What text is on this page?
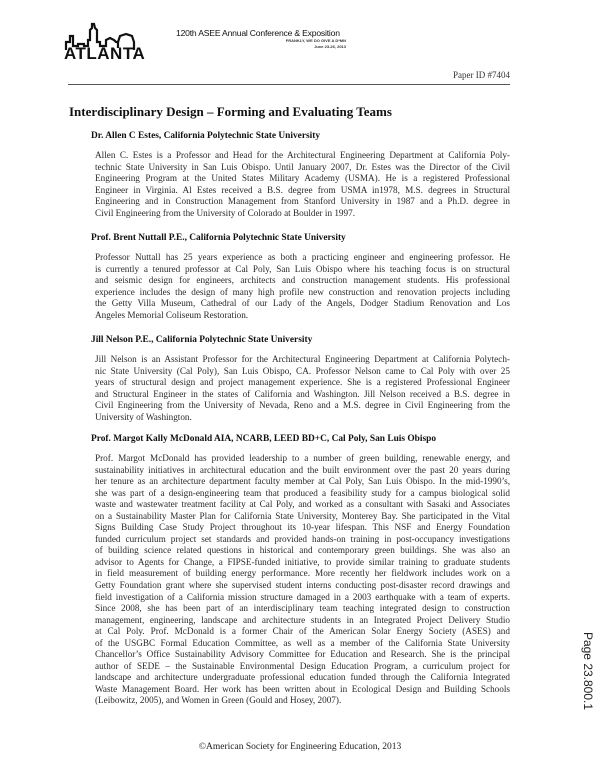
ATLANTA
120th ASEE Annual Conference & Exposition
FRANKLY, WE DO GIVE A D*MN
June 23-26, 2013
Paper ID #7404
Interdisciplinary Design – Forming and Evaluating Teams
Dr. Allen C Estes, California Polytechnic State University
Allen C. Estes is a Professor and Head for the Architectural Engineering Department at California Poly-
technic State University in San Luis Obispo. Until January 2007, Dr. Estes was the Director of the Civil
Engineering Program at the United States Military Academy (USMA). He is a registered Professional
Engineer in Virginia. Al Estes received a B.S. degree from USMA in1978, M.S. degrees in Structural
Engineering and in Construction Management from Stanford University in 1987 and a Ph.D. degree in
Civil Engineering from the University of Colorado at Boulder in 1997.
Prof. Brent Nuttall P.E., California Polytechnic State University
Professor Nuttall has 25 years experience as both a practicing engineer and engineering professor. He
is currently a tenured professor at Cal Poly, San Luis Obispo where his teaching focus is on structural
and seismic design for engineers, architects and construction management students. His professional
experience includes the design of many high profile new construction and renovation projects including
the Getty Villa Museum, Cathedral of our Lady of the Angels, Dodger Stadium Renovation and Los
Angeles Memorial Coliseum Restoration.
Jill Nelson P.E., California Polytechnic State University
Jill Nelson is an Assistant Professor for the Architectural Engineering Department at California Polytech-
nic State University (Cal Poly), San Luis Obispo, CA. Professor Nelson came to Cal Poly with over 25
years of structural design and project management experience. She is a registered Professional Engineer
and Structural Engineer in the states of California and Washington. Jill Nelson received a B.S. degree in
Civil Engineering from the University of Nevada, Reno and a M.S. degree in Civil Engineering from the
University of Washington.
Prof. Margot Kally McDonald AIA, NCARB, LEED BD+C, Cal Poly, San Luis Obispo
Prof. Margot McDonald has provided leadership to a number of green building, renewable energy, and
sustainability initiatives in architectural education and the built environment over the past 20 years during
her tenure as an architecture department faculty member at Cal Poly, San Luis Obispo. In the mid-1990’s,
she was part of a design-engineering team that produced a feasibility study for a campus biological solid
waste and wastewater treatment facility at Cal Poly, and worked as a consultant with Sasaki and Associates
on a Sustainability Master Plan for California State University, Monterey Bay. She participated in the Vital
Signs Building Case Study Project throughout its 10-year lifespan. This NSF and Energy Foundation
funded curriculum project set standards and provided hands-on training in post-occupancy investigations
of building science related questions in historical and contemporary green buildings. She was also an
advisor to Agents for Change, a FIPSE-funded initiative, to provide similar training to graduate students
in field measurement of building energy performance. More recently her fieldwork includes work on a
Getty Foundation grant where she supervised student interns conducting post-disaster record drawings and
field investigation of a California mission structure damaged in a 2003 earthquake with a team of experts.
Since 2008, she has been part of an interdisciplinary team teaching integrated design to construction
management, engineering, landscape and architecture students in an Integrated Project Delivery Studio
at Cal Poly. Prof. McDonald is a former Chair of the American Solar Energy Society (ASES) and
of the USGBC Formal Education Committee, as well as a member of the California State University
Chancellor’s Office Sustainability Advisory Committee for Education and Research. She is the principal
author of SEDE – the Sustainable Environmental Design Education Program, a curriculum project for
landscape and architecture undergraduate professional education funded through the California Integrated
Waste Management Board. Her work has been written about in Ecological Design and Building Schools
(Leibowitz, 2005), and Women in Green (Gould and Hosey, 2007).
©American Society for Engineering Education, 2013
Page 23.800.1
